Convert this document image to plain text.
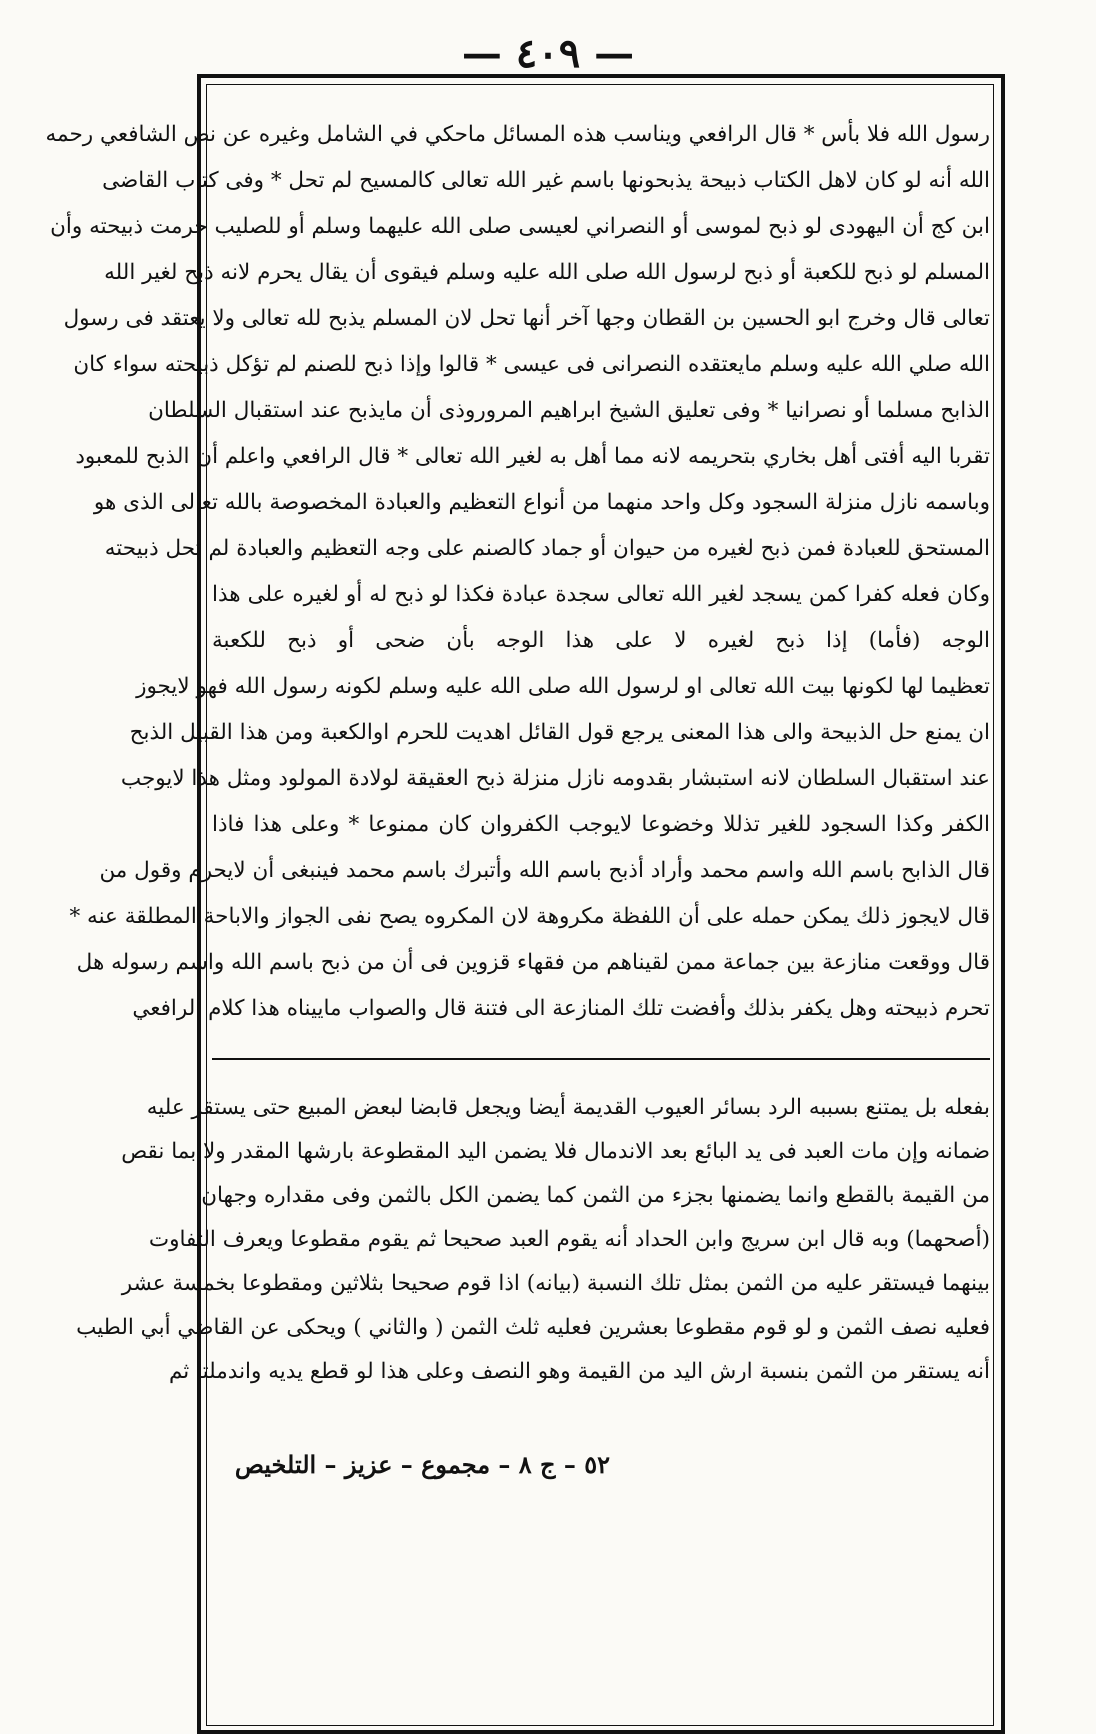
— ٤٠٩ —
رسول الله فلا بأس * قال الرافعي ويناسب هذه المسائل ماحكي في الشامل وغيره عن نص الشافعي رحمه
الله أنه لو كان لاهل الكتاب ذبيحة يذبحونها باسم غير الله تعالى كالمسيح لم تحل * وفى كتاب القاضى
ابن كج أن اليهودى لو ذبح لموسى أو النصراني لعيسى صلى الله عليهما وسلم أو للصليب حرمت ذبيحته وأن
المسلم لو ذبح للكعبة أو ذبح لرسول الله صلى الله عليه وسلم فيقوى أن يقال يحرم لانه ذبح لغير الله
تعالى قال وخرج ابو الحسين بن القطان وجها آخر أنها تحل لان المسلم يذبح لله تعالى ولا يعتقد فى رسول
الله صلي الله عليه وسلم مايعتقده النصرانى فى عيسى * قالوا وإذا ذبح للصنم لم تؤكل ذبيحته سواء كان
الذابح مسلما أو نصرانيا * وفى تعليق الشيخ ابراهيم المروروذى أن مايذبح عند استقبال السلطان
تقربا اليه أفتى أهل بخاري بتحريمه لانه مما أهل به لغير الله تعالى * قال الرافعي واعلم أن الذبح للمعبود
وباسمه نازل منزلة السجود وكل واحد منهما من أنواع التعظيم والعبادة المخصوصة بالله تعالى الذى هو
المستحق للعبادة فمن ذبح لغيره من حيوان أو جماد كالصنم على وجه التعظيم والعبادة لم تحل ذبيحته
وكان فعله كفرا كمن يسجد لغير الله تعالى سجدة عبادة فكذا لو ذبح له أو لغيره على هذا
الوجه (فأما) إذا ذبح لغيره لا على هذا الوجه بأن ضحى أو ذبح للكعبة
تعظيما لها لكونها بيت الله تعالى او لرسول الله صلى الله عليه وسلم لكونه رسول الله فهو لايجوز
ان يمنع حل الذبيحة والى هذا المعنى يرجع قول القائل اهديت للحرم اوالكعبة ومن هذا القبيل الذبح
عند استقبال السلطان لانه استبشار بقدومه نازل منزلة ذبح العقيقة لولادة المولود ومثل هذا لايوجب
الكفر وكذا السجود للغير تذللا وخضوعا لايوجب الكفروان كان ممنوعا * وعلى هذا فاذا
قال الذابح باسم الله واسم محمد وأراد أذبح باسم الله وأتبرك باسم محمد فينبغى أن لايحرم وقول من
قال لايجوز ذلك يمكن حمله على أن اللفظة مكروهة لان المكروه يصح نفى الجواز والاباحة المطلقة عنه *
قال ووقعت منازعة بين جماعة ممن لقيناهم من فقهاء قزوين فى أن من ذبح باسم الله واسم رسوله هل
تحرم ذبيحته وهل يكفر بذلك وأفضت تلك المنازعة الى فتنة قال والصواب ماييناه هذا كلام الرافعي
بفعله بل يمتنع بسببه الرد بسائر العيوب القديمة أيضا ويجعل قابضا لبعض المبيع حتى يستقر عليه
ضمانه وإن مات العبد فى يد البائع بعد الاندمال فلا يضمن اليد المقطوعة بارشها المقدر ولا بما نقص
من القيمة بالقطع وانما يضمنها بجزء من الثمن كما يضمن الكل بالثمن وفى مقداره وجهان
(أصحهما) وبه قال ابن سريج وابن الحداد أنه يقوم العبد صحيحا ثم يقوم مقطوعا ويعرف التفاوت
بينهما فيستقر عليه من الثمن بمثل تلك النسبة (بيانه) اذا قوم صحيحا بثلاثين ومقطوعا بخمسة عشر
فعليه نصف الثمن و لو قوم مقطوعا بعشرين فعليه ثلث الثمن ( والثاني ) ويحكى عن القاضي أبي الطيب
أنه يستقر من الثمن بنسبة ارش اليد من القيمة وهو النصف وعلى هذا لو قطع يديه واندملتا ثم
٥٢ – ج ٨ – مجموع – عزيز – التلخيص
